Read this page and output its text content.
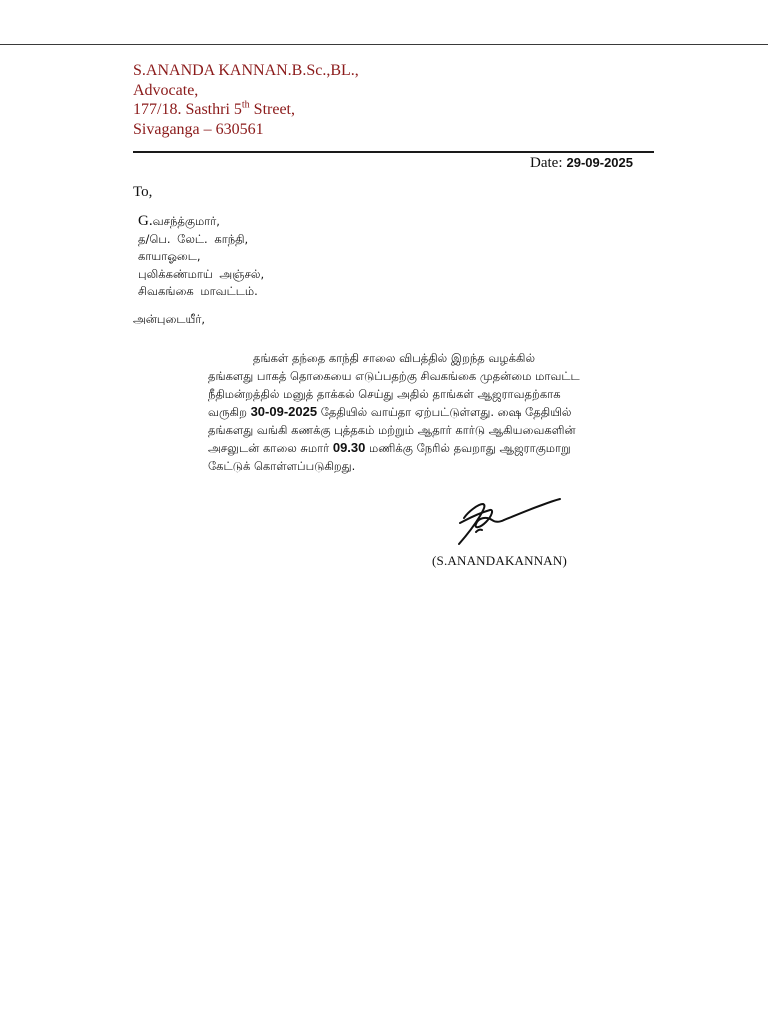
S.ANANDA KANNAN.B.Sc.,BL.,
Advocate,
177/18. Sasthri 5th Street,
Sivaganga – 630561
Date: 29-09-2025
To,
G.வசந்த்குமார்,
த/பெ. லேட். காந்தி,
காயாஓடை,
புலிக்கண்மாய் அஞ்சல்,
சிவகங்கை மாவட்டம்.
அன்புடையீர்,
தங்கள் தந்தை காந்தி சாலை விபத்தில் இறந்த வழக்கில்
தங்களது பாகத் தொகையை எடுப்பதற்கு சிவகங்கை முதன்மை மாவட்ட
நீதிமன்றத்தில் மனுத் தாக்கல் செய்து அதில் தாங்கள் ஆஜராவதற்காக
வருகிற 30-09-2025 தேதியில் வாய்தா ஏற்பட்டுள்ளது. ஷை தேதியில்
தங்களது வங்கி கணக்கு புத்தகம் மற்றும் ஆதார் கார்டு ஆகியவைகளின்
அசலுடன் காலை சுமார் 09.30 மணிக்கு நேரில் தவறாது ஆஜராகுமாறு
கேட்டுக் கொள்ளப்படுகிறது.
(S.ANANDAKANNAN)
